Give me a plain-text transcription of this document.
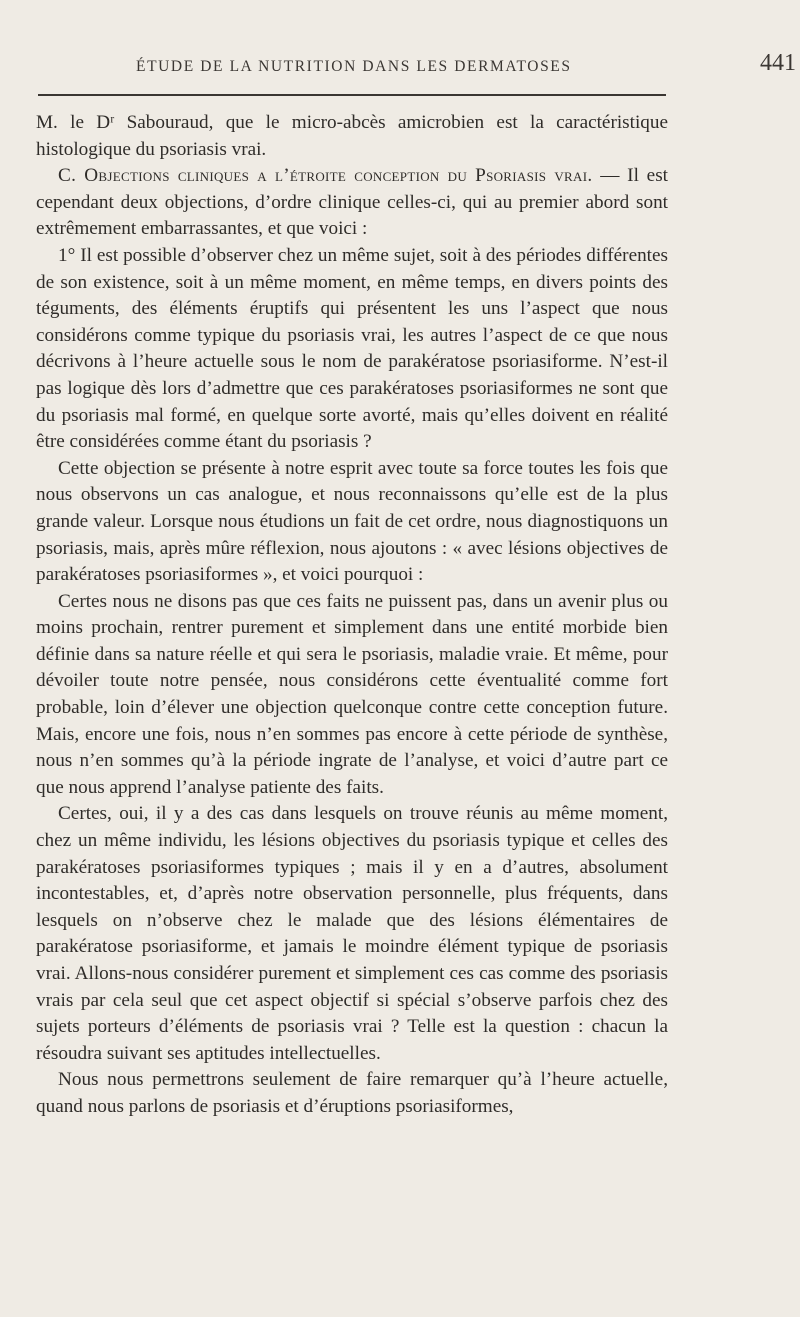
ÉTUDE DE LA NUTRITION DANS LES DERMATOSES	441

M. le Dʳ Sabouraud, que le micro-abcès amicrobien est la caractéristique histologique du psoriasis vrai.

C. Objections cliniques a l’étroite conception du Psoriasis vrai. — Il est cependant deux objections, d’ordre clinique celles-ci, qui au premier abord sont extrêmement embarrassantes, et que voici :

1° Il est possible d’observer chez un même sujet, soit à des périodes différentes de son existence, soit à un même moment, en même temps, en divers points des téguments, des éléments éruptifs qui présentent les uns l’aspect que nous considérons comme typique du psoriasis vrai, les autres l’aspect de ce que nous décrivons à l’heure actuelle sous le nom de parakératose psoriasiforme. N’est-il pas logique dès lors d’admettre que ces parakératoses psoriasiformes ne sont que du psoriasis mal formé, en quelque sorte avorté, mais qu’elles doivent en réalité être considérées comme étant du psoriasis ?

Cette objection se présente à notre esprit avec toute sa force toutes les fois que nous observons un cas analogue, et nous reconnaissons qu’elle est de la plus grande valeur. Lorsque nous étudions un fait de cet ordre, nous diagnostiquons un psoriasis, mais, après mûre réflexion, nous ajoutons : « avec lésions objectives de parakératoses psoriasiformes », et voici pourquoi :

Certes nous ne disons pas que ces faits ne puissent pas, dans un avenir plus ou moins prochain, rentrer purement et simplement dans une entité morbide bien définie dans sa nature réelle et qui sera le psoriasis, maladie vraie. Et même, pour dévoiler toute notre pensée, nous considérons cette éventualité comme fort probable, loin d’élever une objection quelconque contre cette conception future. Mais, encore une fois, nous n’en sommes pas encore à cette période de synthèse, nous n’en sommes qu’à la période ingrate de l’analyse, et voici d’autre part ce que nous apprend l’analyse patiente des faits.

Certes, oui, il y a des cas dans lesquels on trouve réunis au même moment, chez un même individu, les lésions objectives du psoriasis typique et celles des parakératoses psoriasiformes typiques ; mais il y en a d’autres, absolument incontestables, et, d’après notre observation personnelle, plus fréquents, dans lesquels on n’observe chez le malade que des lésions élémentaires de parakératose psoriasiforme, et jamais le moindre élément typique de psoriasis vrai. Allons-nous considérer purement et simplement ces cas comme des psoriasis vrais par cela seul que cet aspect objectif si spécial s’observe parfois chez des sujets porteurs d’éléments de psoriasis vrai ? Telle est la question : chacun la résoudra suivant ses aptitudes intellectuelles.

Nous nous permettrons seulement de faire remarquer qu’à l’heure actuelle, quand nous parlons de psoriasis et d’éruptions psoriasiformes,
